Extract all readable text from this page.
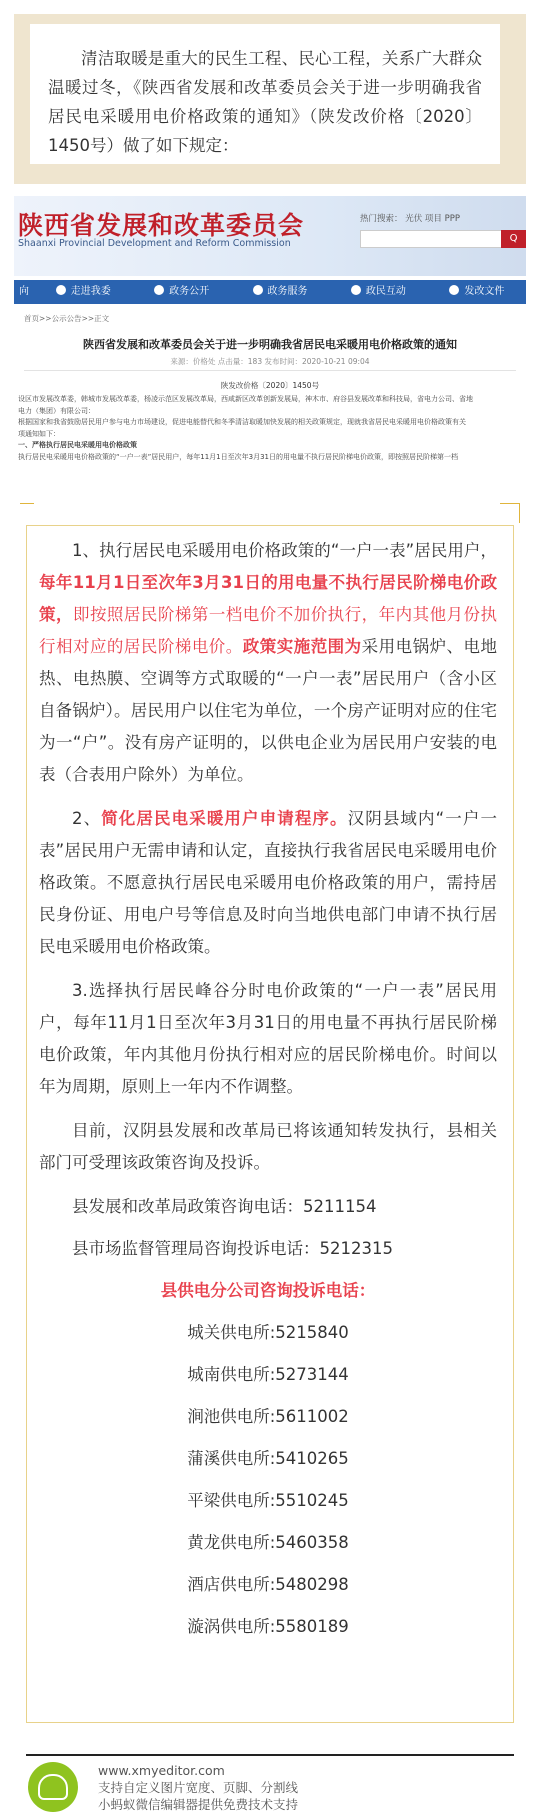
清洁取暖是重大的民生工程、民心工程，关系广大群众温暖过冬，《陕西省发展和改革委员会关于进一步明确我省居民电采暖用电价格政策的通知》（陕发改价格〔2020〕1450号）做了如下规定：

陕西省发展和改革委员会
Shaanxi Provincial Development and Reform Commission
热门搜索： 光伏 项目 PPP
Q
向	走进我委	政务公开	政务服务	政民互动	发改文件
首页>>公示公告>>正文
陕西省发展和改革委员会关于进一步明确我省居民电采暖用电价格政策的通知
来源：价格处 点击量：183 发布时间：2020-10-21 09:04
陕发改价格〔2020〕1450号

设区市发展改革委，韩城市发展改革委，杨凌示范区发展改革局，西咸新区改革创新发展局，神木市、府谷县发展改革和科技局，省电力公司、省地

电力（集团）有限公司：

根据国家和我省鼓励居民用户参与电力市场建设，促进电能替代和冬季清洁取暖加快发展的相关政策规定，现就我省居民电采暖用电价格政策有关

项通知如下：

一、严格执行居民电采暖用电价格政策

执行居民电采暖用电价格政策的“一户一表”居民用户，每年11月1日至次年3月31日的用电量不执行居民阶梯电价政策，即按照居民阶梯第一档

1、执行居民电采暖用电价格政策的“一户一表”居民用户，每年11月1日至次年3月31日的用电量不执行居民阶梯电价政策，即按照居民阶梯第一档电价不加价执行，年内其他月份执行相对应的居民阶梯电价。政策实施范围为采用电锅炉、电地热、电热膜、空调等方式取暖的“一户一表”居民用户（含小区自备锅炉）。居民用户以住宅为单位，一个房产证明对应的住宅为一“户”。没有房产证明的，以供电企业为居民用户安装的电表（合表用户除外）为单位。

2、简化居民电采暖用户申请程序。汉阴县域内“一户一表”居民用户无需申请和认定，直接执行我省居民电采暖用电价格政策。不愿意执行居民电采暖用电价格政策的用户，需持居民身份证、用电户号等信息及时向当地供电部门申请不执行居民电采暖用电价格政策。

3.选择执行居民峰谷分时电价政策的“一户一表”居民用户，每年11月1日至次年3月31日的用电量不再执行居民阶梯电价政策，年内其他月份执行相对应的居民阶梯电价。时间以年为周期，原则上一年内不作调整。

目前，汉阴县发展和改革局已将该通知转发执行，县相关部门可受理该政策咨询及投诉。

县发展和改革局政策咨询电话：5211154

县市场监督管理局咨询投诉电话：5212315

县供电分公司咨询投诉电话：

城关供电所:5215840

城南供电所:5273144

涧池供电所:5611002

蒲溪供电所:5410265

平梁供电所:5510245

黄龙供电所:5460358

酒店供电所:5480298

漩涡供电所:5580189

www.xmyeditor.com
支持自定义图片宽度、页脚、分割线
小蚂蚁微信编辑器提供免费技术支持
